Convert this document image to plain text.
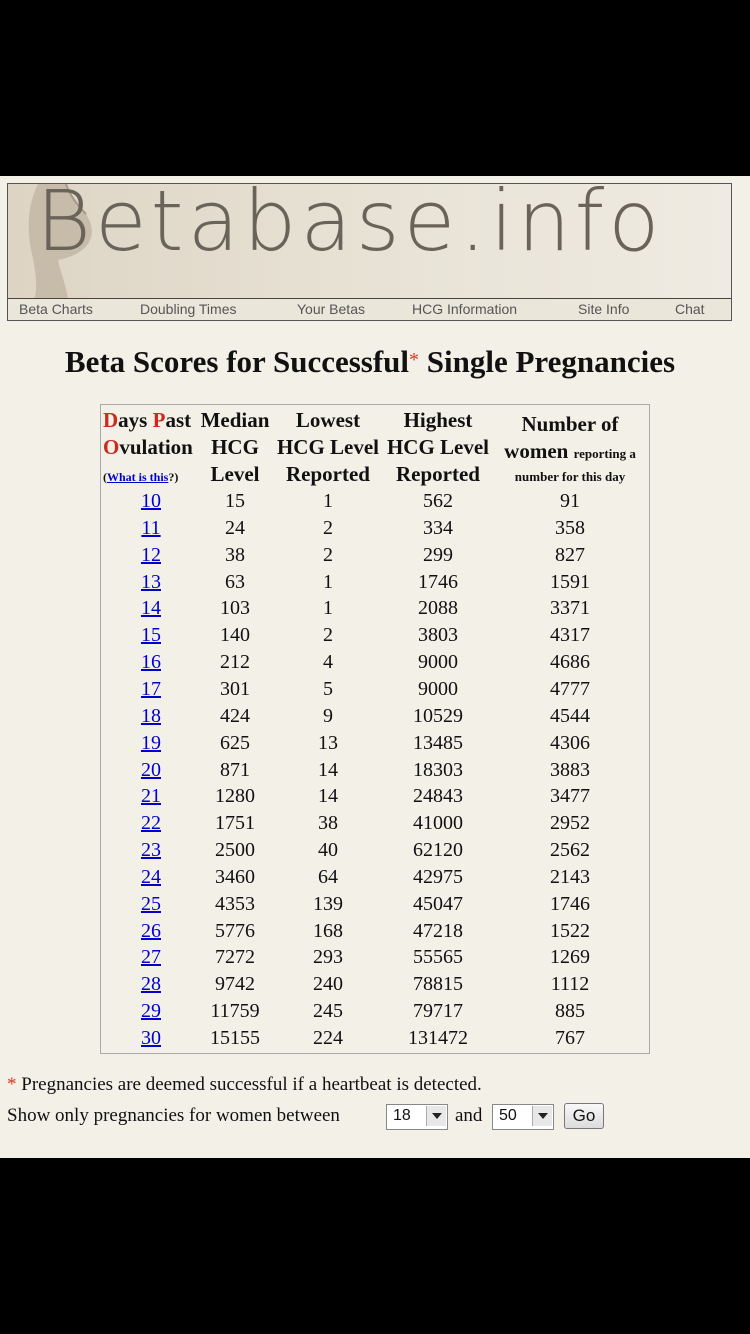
Betabase.info
Beta Charts	Doubling Times	Your Betas	HCG Information	Site Info	Chat
Beta Scores for Successful* Single Pregnancies
Days Past
Ovulation
(What is this?)
Median
HCG
Level
Lowest
HCG Level
Reported
Highest
HCG Level
Reported
Number of
women reporting a
number for this day
10	15	1	562	91
11	24	2	334	358
12	38	2	299	827
13	63	1	1746	1591
14	103	1	2088	3371
15	140	2	3803	4317
16	212	4	9000	4686
17	301	5	9000	4777
18	424	9	10529	4544
19	625	13	13485	4306
20	871	14	18303	3883
21	1280	14	24843	3477
22	1751	38	41000	2952
23	2500	40	62120	2562
24	3460	64	42975	2143
25	4353	139	45047	1746
26	5776	168	47218	1522
27	7272	293	55565	1269
28	9742	240	78815	1112
29	11759	245	79717	885
30	15155	224	131472	767
* Pregnancies are deemed successful if a heartbeat is detected.
Show only pregnancies for women between	18 and 50	Go
